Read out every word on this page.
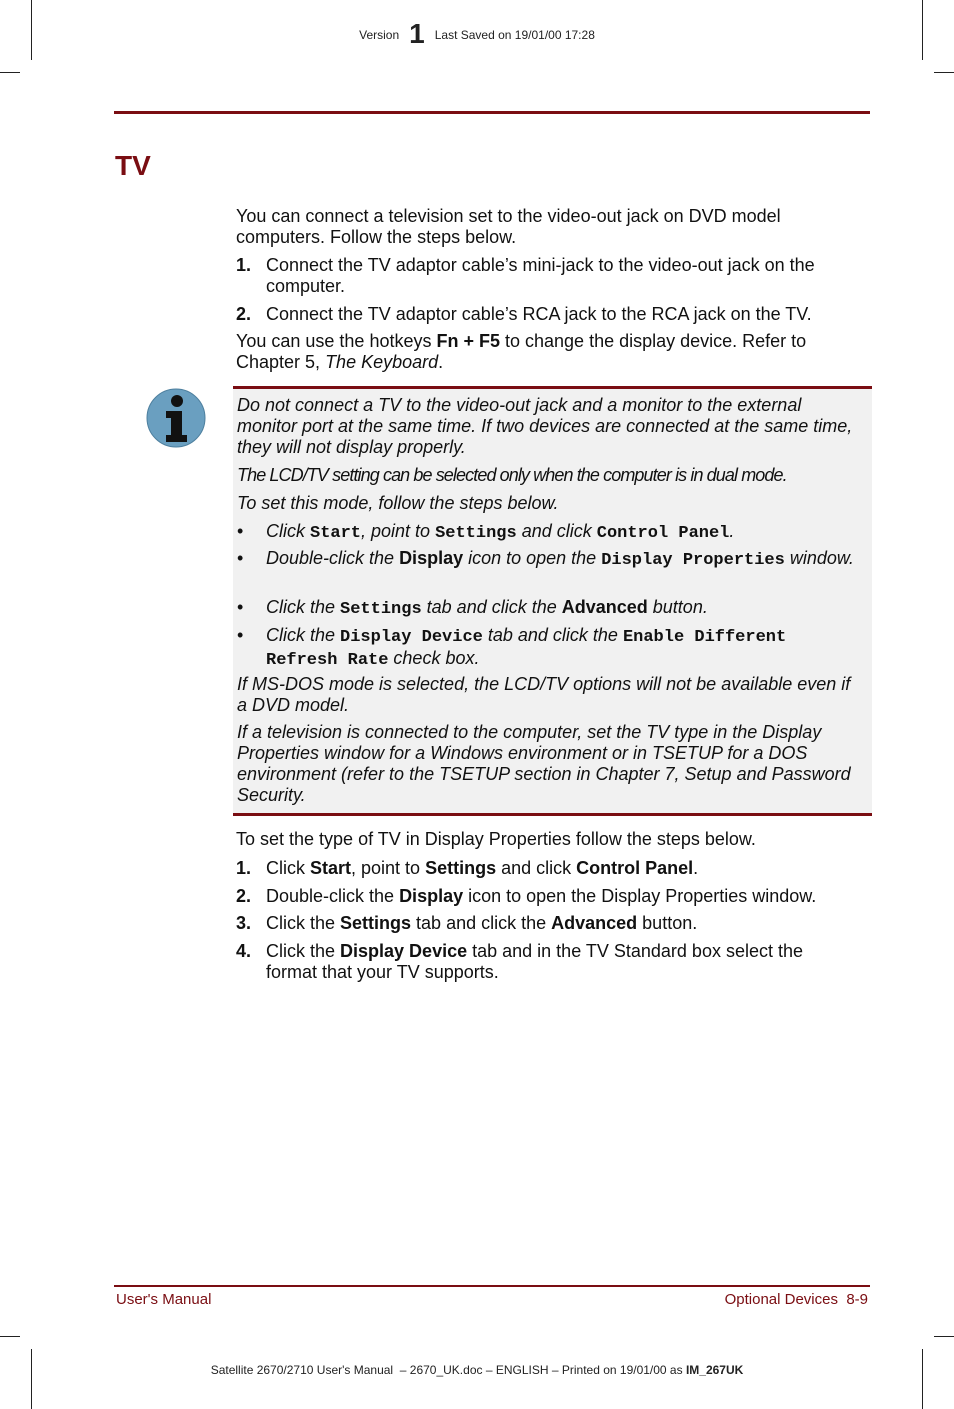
Version 1 Last Saved on 19/01/00 17:28
TV
You can connect a television set to the video-out jack on DVD model
computers. Follow the steps below.
1. Connect the TV adaptor cable’s mini-jack to the video-out jack on the computer.
2. Connect the TV adaptor cable’s RCA jack to the RCA jack on the TV.
You can use the hotkeys Fn + F5 to change the display device. Refer to
Chapter 5, The Keyboard.
Do not connect a TV to the video-out jack and a monitor to the external monitor port at the same time. If two devices are connected at the same time, they will not display properly.
The LCD/TV setting can be selected only when the computer is in dual mode.
To set this mode, follow the steps below.
• Click Start, point to Settings and click Control Panel.
• Double-click the Display icon to open the Display Properties window.
• Click the Settings tab and click the Advanced button.
• Click the Display Device tab and click the Enable Different Refresh Rate check box.
If MS-DOS mode is selected, the LCD/TV options will not be available even if a DVD model.
If a television is connected to the computer, set the TV type in the Display Properties window for a Windows environment or in TSETUP for a DOS environment (refer to the TSETUP section in Chapter 7, Setup and Password Security.
To set the type of TV in Display Properties follow the steps below.
1. Click Start, point to Settings and click Control Panel.
2. Double-click the Display icon to open the Display Properties window.
3. Click the Settings tab and click the Advanced button.
4. Click the Display Device tab and in the TV Standard box select the format that your TV supports.
User's Manual	Optional Devices  8-9
Satellite 2670/2710 User's Manual  – 2670_UK.doc – ENGLISH – Printed on 19/01/00 as IM_267UK
